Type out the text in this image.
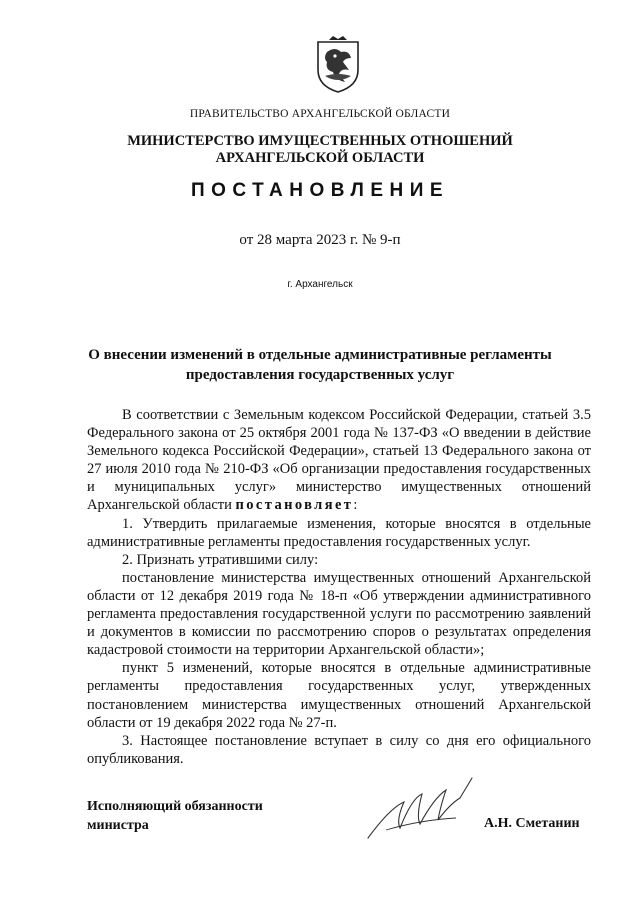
ПРАВИТЕЛЬСТВО АРХАНГЕЛЬСКОЙ ОБЛАСТИ
МИНИСТЕРСТВО ИМУЩЕСТВЕННЫХ ОТНОШЕНИЙ
АРХАНГЕЛЬСКОЙ ОБЛАСТИ
ПОСТАНОВЛЕНИЕ
от 28 марта 2023 г. № 9-п
г. Архангельск
О внесении изменений в отдельные административные регламенты
предоставления государственных услуг

В соответствии с Земельным кодексом Российской Федерации, статьей 3.5 Федерального закона от 25 октября 2001 года № 137-ФЗ «О введении в действие Земельного кодекса Российской Федерации», статьей 13 Федерального закона от 27 июля 2010 года № 210-ФЗ «Об организации предоставления государственных и муниципальных услуг» министерство имущественных отношений Архангельской области постановляет:

1. Утвердить прилагаемые изменения, которые вносятся в отдельные административные регламенты предоставления государственных услуг.

2. Признать утратившими силу:

постановление министерства имущественных отношений Архангельской области от 12 декабря 2019 года № 18-п «Об утверждении административного регламента предоставления государственной услуги по рассмотрению заявлений и документов в комиссии по рассмотрению споров о результатах определения кадастровой стоимости на территории Архангельской области»;

пункт 5 изменений, которые вносятся в отдельные административные регламенты предоставления государственных услуг, утвержденных постановлением министерства имущественных отношений Архангельской области от 19 декабря 2022 года № 27-п.

3. Настоящее постановление вступает в силу со дня его официального опубликования.

Исполняющий обязанности
министра	А.Н. Сметанин
